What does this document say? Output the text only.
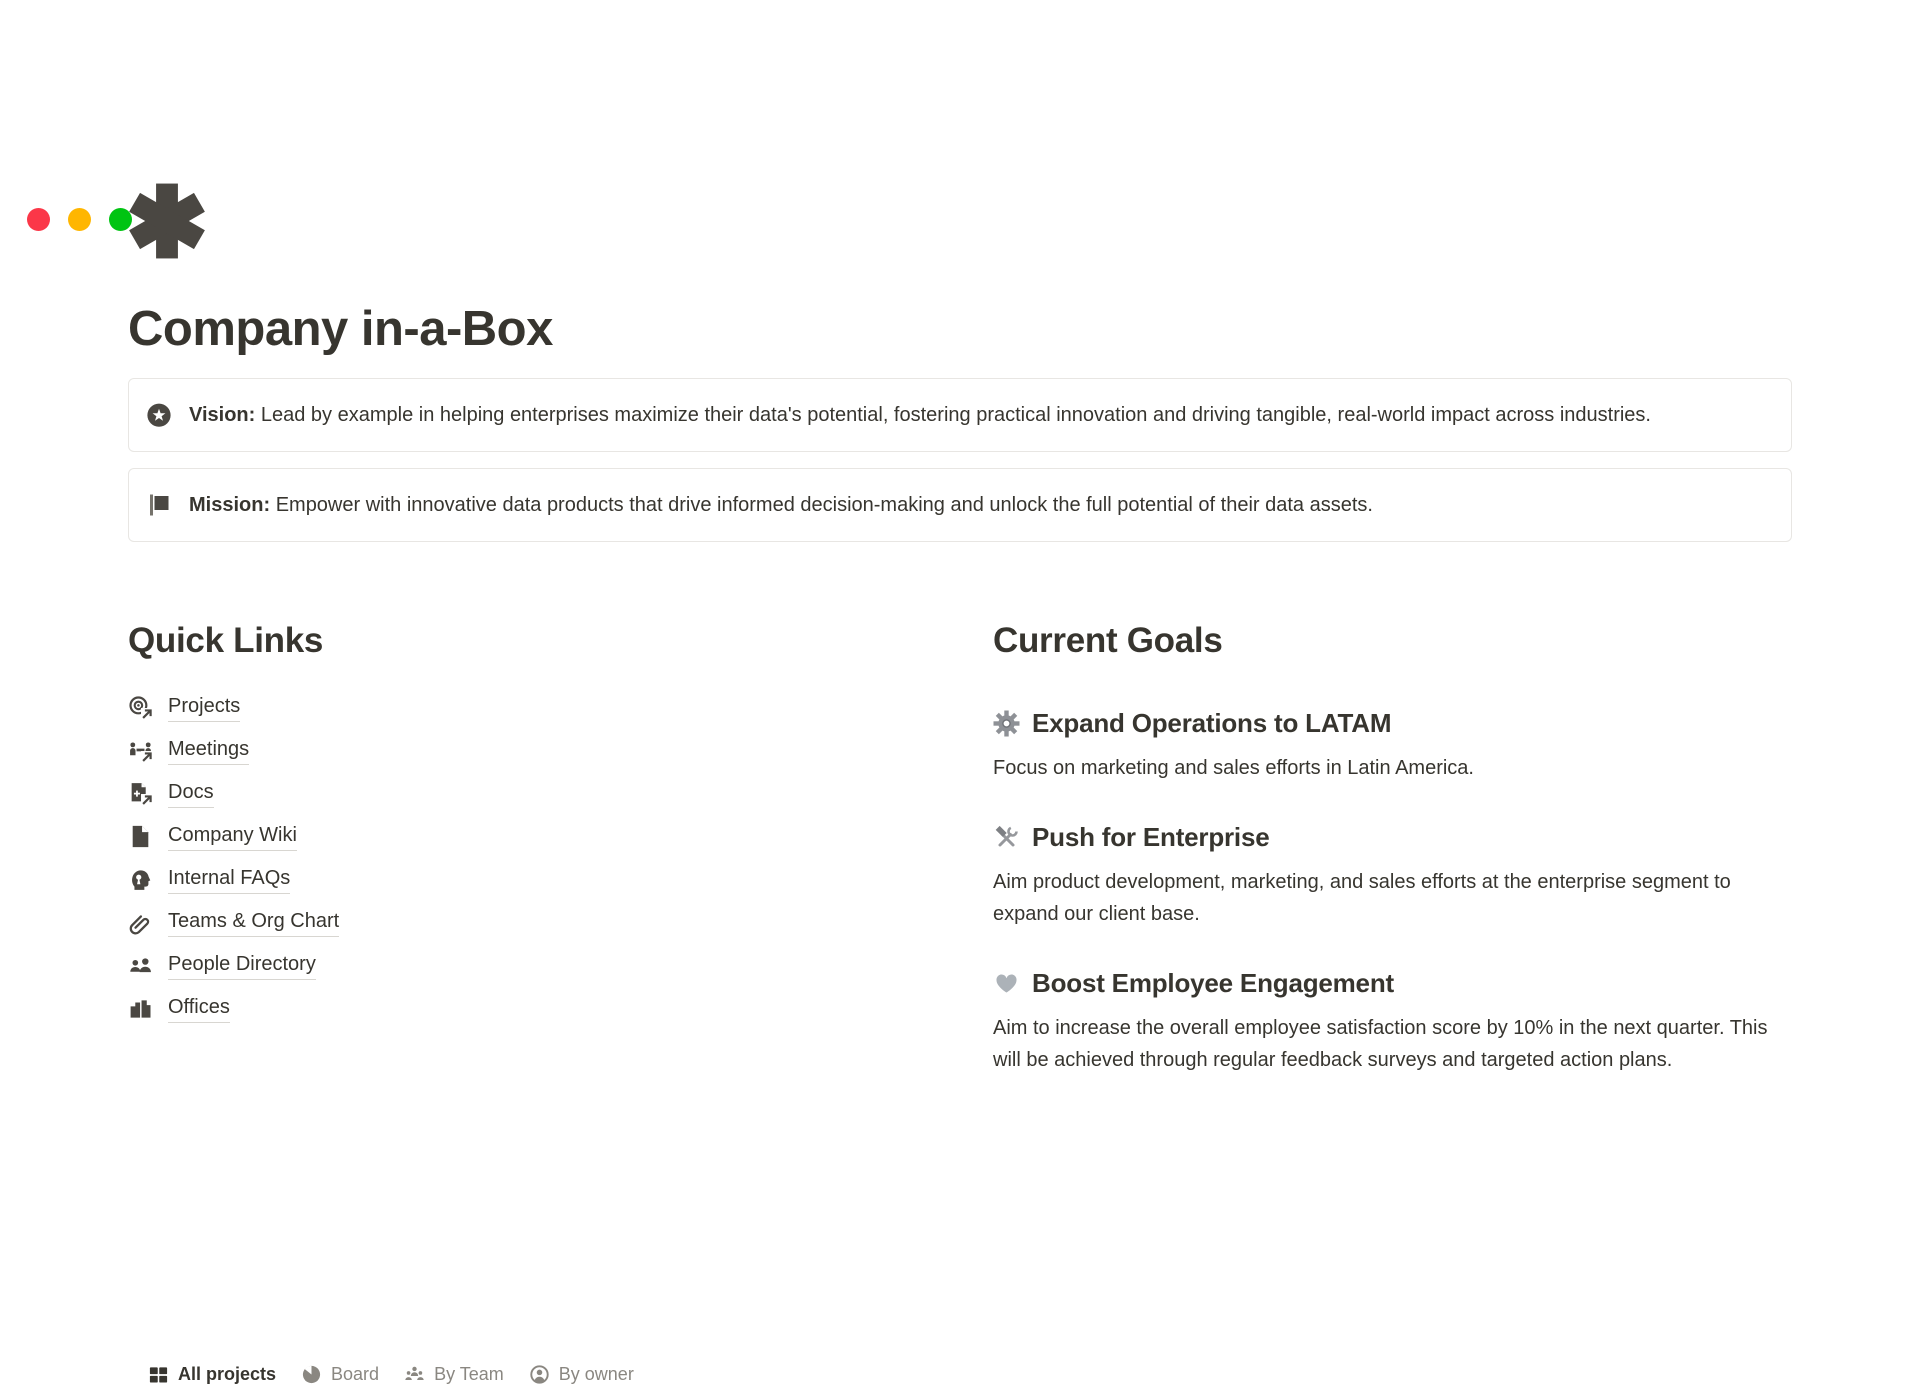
Company in-a-Box

Vision: Lead by example in helping enterprises maximize their data's potential, fostering practical innovation and driving tangible, real-world impact across industries.

Mission: Empower with innovative data products that drive informed decision-making and unlock the full potential of their data assets.

Quick Links
Projects
Meetings
Docs
Company Wiki
Internal FAQs
Teams & Org Chart
People Directory
Offices
Current Goals
Expand Operations to LATAM

Focus on marketing and sales efforts in Latin America.

Push for Enterprise

Aim product development, marketing, and sales efforts at the enterprise segment to expand our client base.

Boost Employee Engagement

Aim to increase the overall employee satisfaction score by 10% in the next quarter. This will be achieved through regular feedback surveys and targeted action plans.

All projects	Board	By Team	By owner
